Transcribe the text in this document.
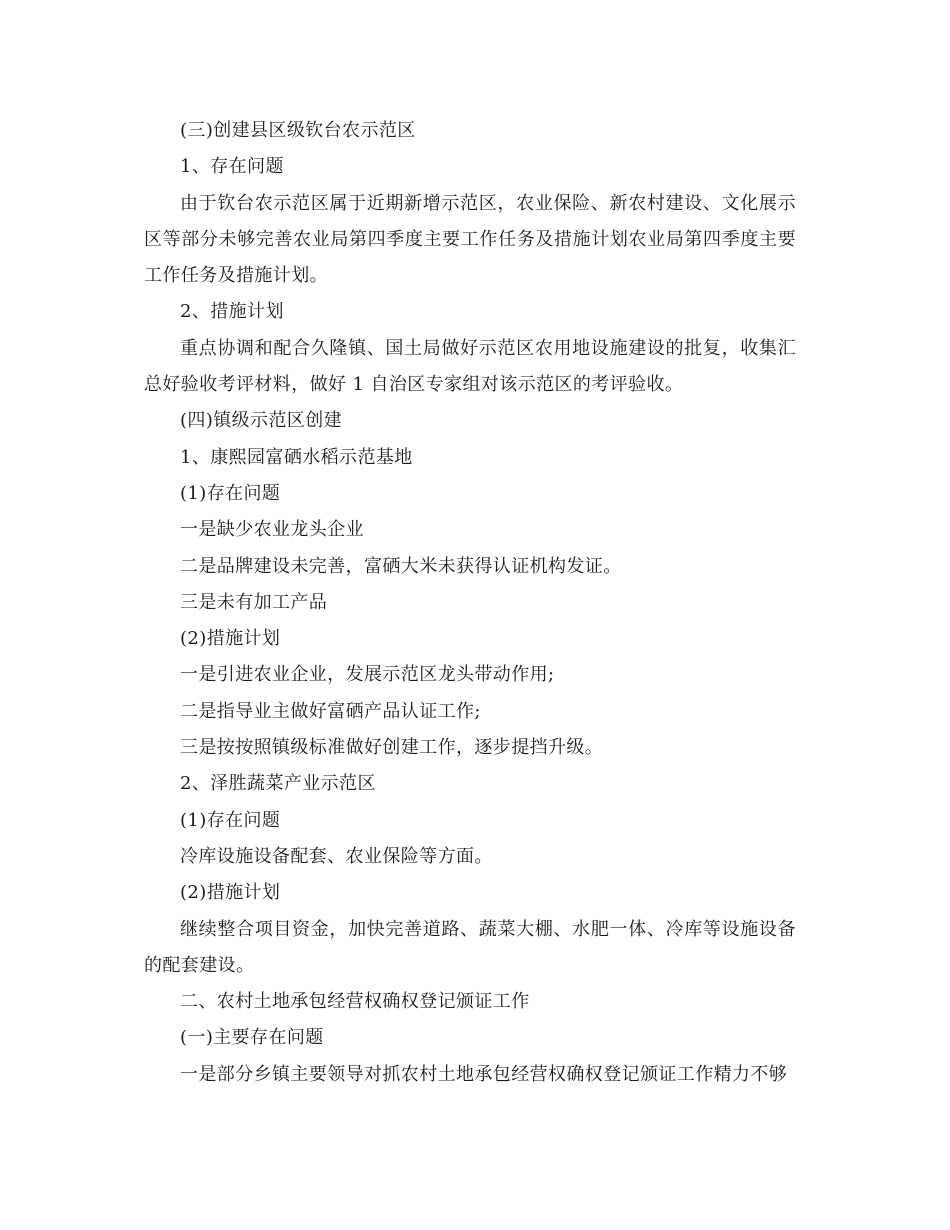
(三)创建县区级钦台农示范区

1、存在问题

由于钦台农示范区属于近期新增示范区，农业保险、新农村建设、文化展示区等部分未够完善农业局第四季度主要工作任务及措施计划农业局第四季度主要工作任务及措施计划。

2、措施计划

重点协调和配合久隆镇、国土局做好示范区农用地设施建设的批复，收集汇总好验收考评材料，做好 1 自治区专家组对该示范区的考评验收。

(四)镇级示范区创建

1、康熙园富硒水稻示范基地

(1)存在问题

一是缺少农业龙头企业

二是品牌建设未完善，富硒大米未获得认证机构发证。

三是未有加工产品

(2)措施计划

一是引进农业企业，发展示范区龙头带动作用;

二是指导业主做好富硒产品认证工作;

三是按按照镇级标准做好创建工作，逐步提挡升级。

2、泽胜蔬菜产业示范区

(1)存在问题

冷库设施设备配套、农业保险等方面。

(2)措施计划

继续整合项目资金，加快完善道路、蔬菜大棚、水肥一体、冷库等设施设备的配套建设。

二、农村土地承包经营权确权登记颁证工作

(一)主要存在问题

一是部分乡镇主要领导对抓农村土地承包经营权确权登记颁证工作精力不够
